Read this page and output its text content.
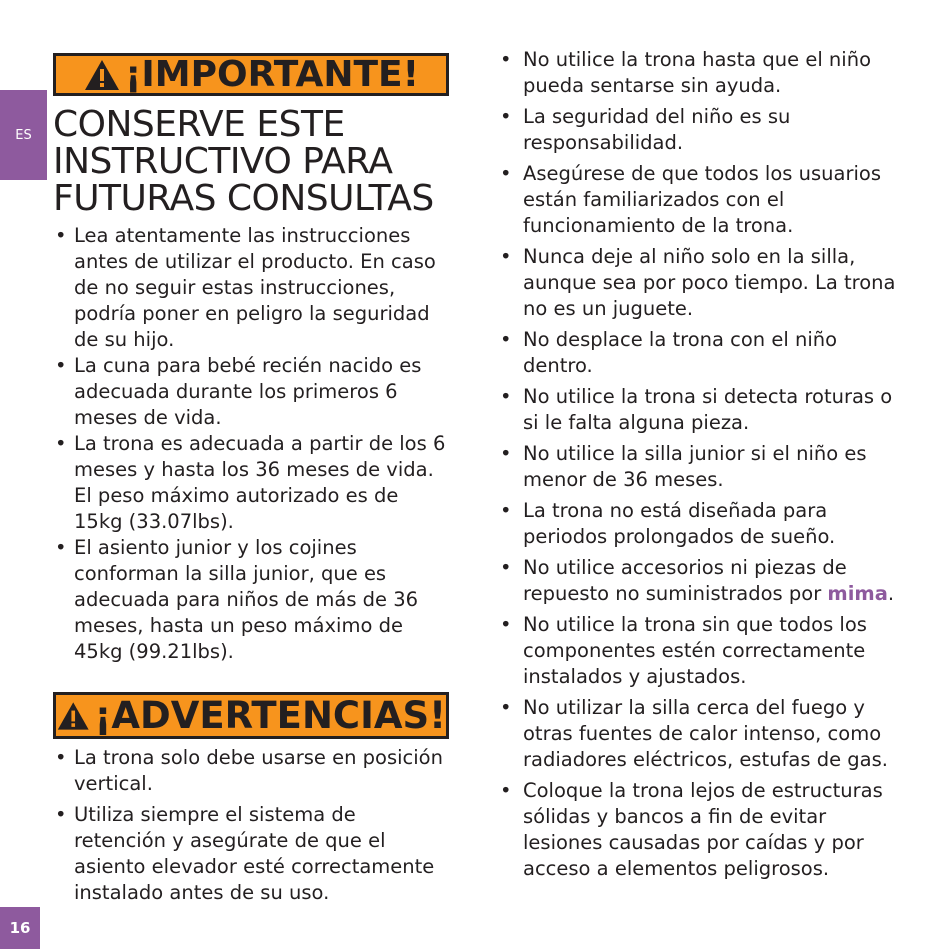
ES
16
¡IMPORTANTE!
CONSERVE ESTE
INSTRUCTIVO PARA
FUTURAS CONSULTAS
• Lea atentamente las instrucciones antes de utilizar el producto. En caso de no seguir estas instrucciones, podría poner en peligro la seguridad de su hijo.
• La cuna para bebé recién nacido es adecuada durante los primeros 6 meses de vida.
• La trona es adecuada a partir de los 6 meses y hasta los 36 meses de vida. El peso máximo autorizado es de 15kg (33.07lbs).
• El asiento junior y los cojines conforman la silla junior, que es adecuada para niños de más de 36 meses, hasta un peso máximo de 45kg (99.21lbs).
¡ADVERTENCIAS!
• La trona solo debe usarse en posición vertical.
• Utiliza siempre el sistema de retención y asegúrate de que el asiento elevador esté correctamente instalado antes de su uso.
• No utilice la trona hasta que el niño pueda sentarse sin ayuda.
• La seguridad del niño es su responsabilidad.
• Asegúrese de que todos los usuarios están familiarizados con el funcionamiento de la trona.
• Nunca deje al niño solo en la silla, aunque sea por poco tiempo. La trona no es un juguete.
• No desplace la trona con el niño dentro.
• No utilice la trona si detecta roturas o si le falta alguna pieza.
• No utilice la silla junior si el niño es menor de 36 meses.
• La trona no está diseñada para periodos prolongados de sueño.
• No utilice accesorios ni piezas de repuesto no suministrados por mima.
• No utilice la trona sin que todos los componentes estén correctamente instalados y ajustados.
• No utilizar la silla cerca del fuego y otras fuentes de calor intenso, como radiadores eléctricos, estufas de gas.
• Coloque la trona lejos de estructuras sólidas y bancos a fin de evitar lesiones causadas por caídas y por acceso a elementos peligrosos.
